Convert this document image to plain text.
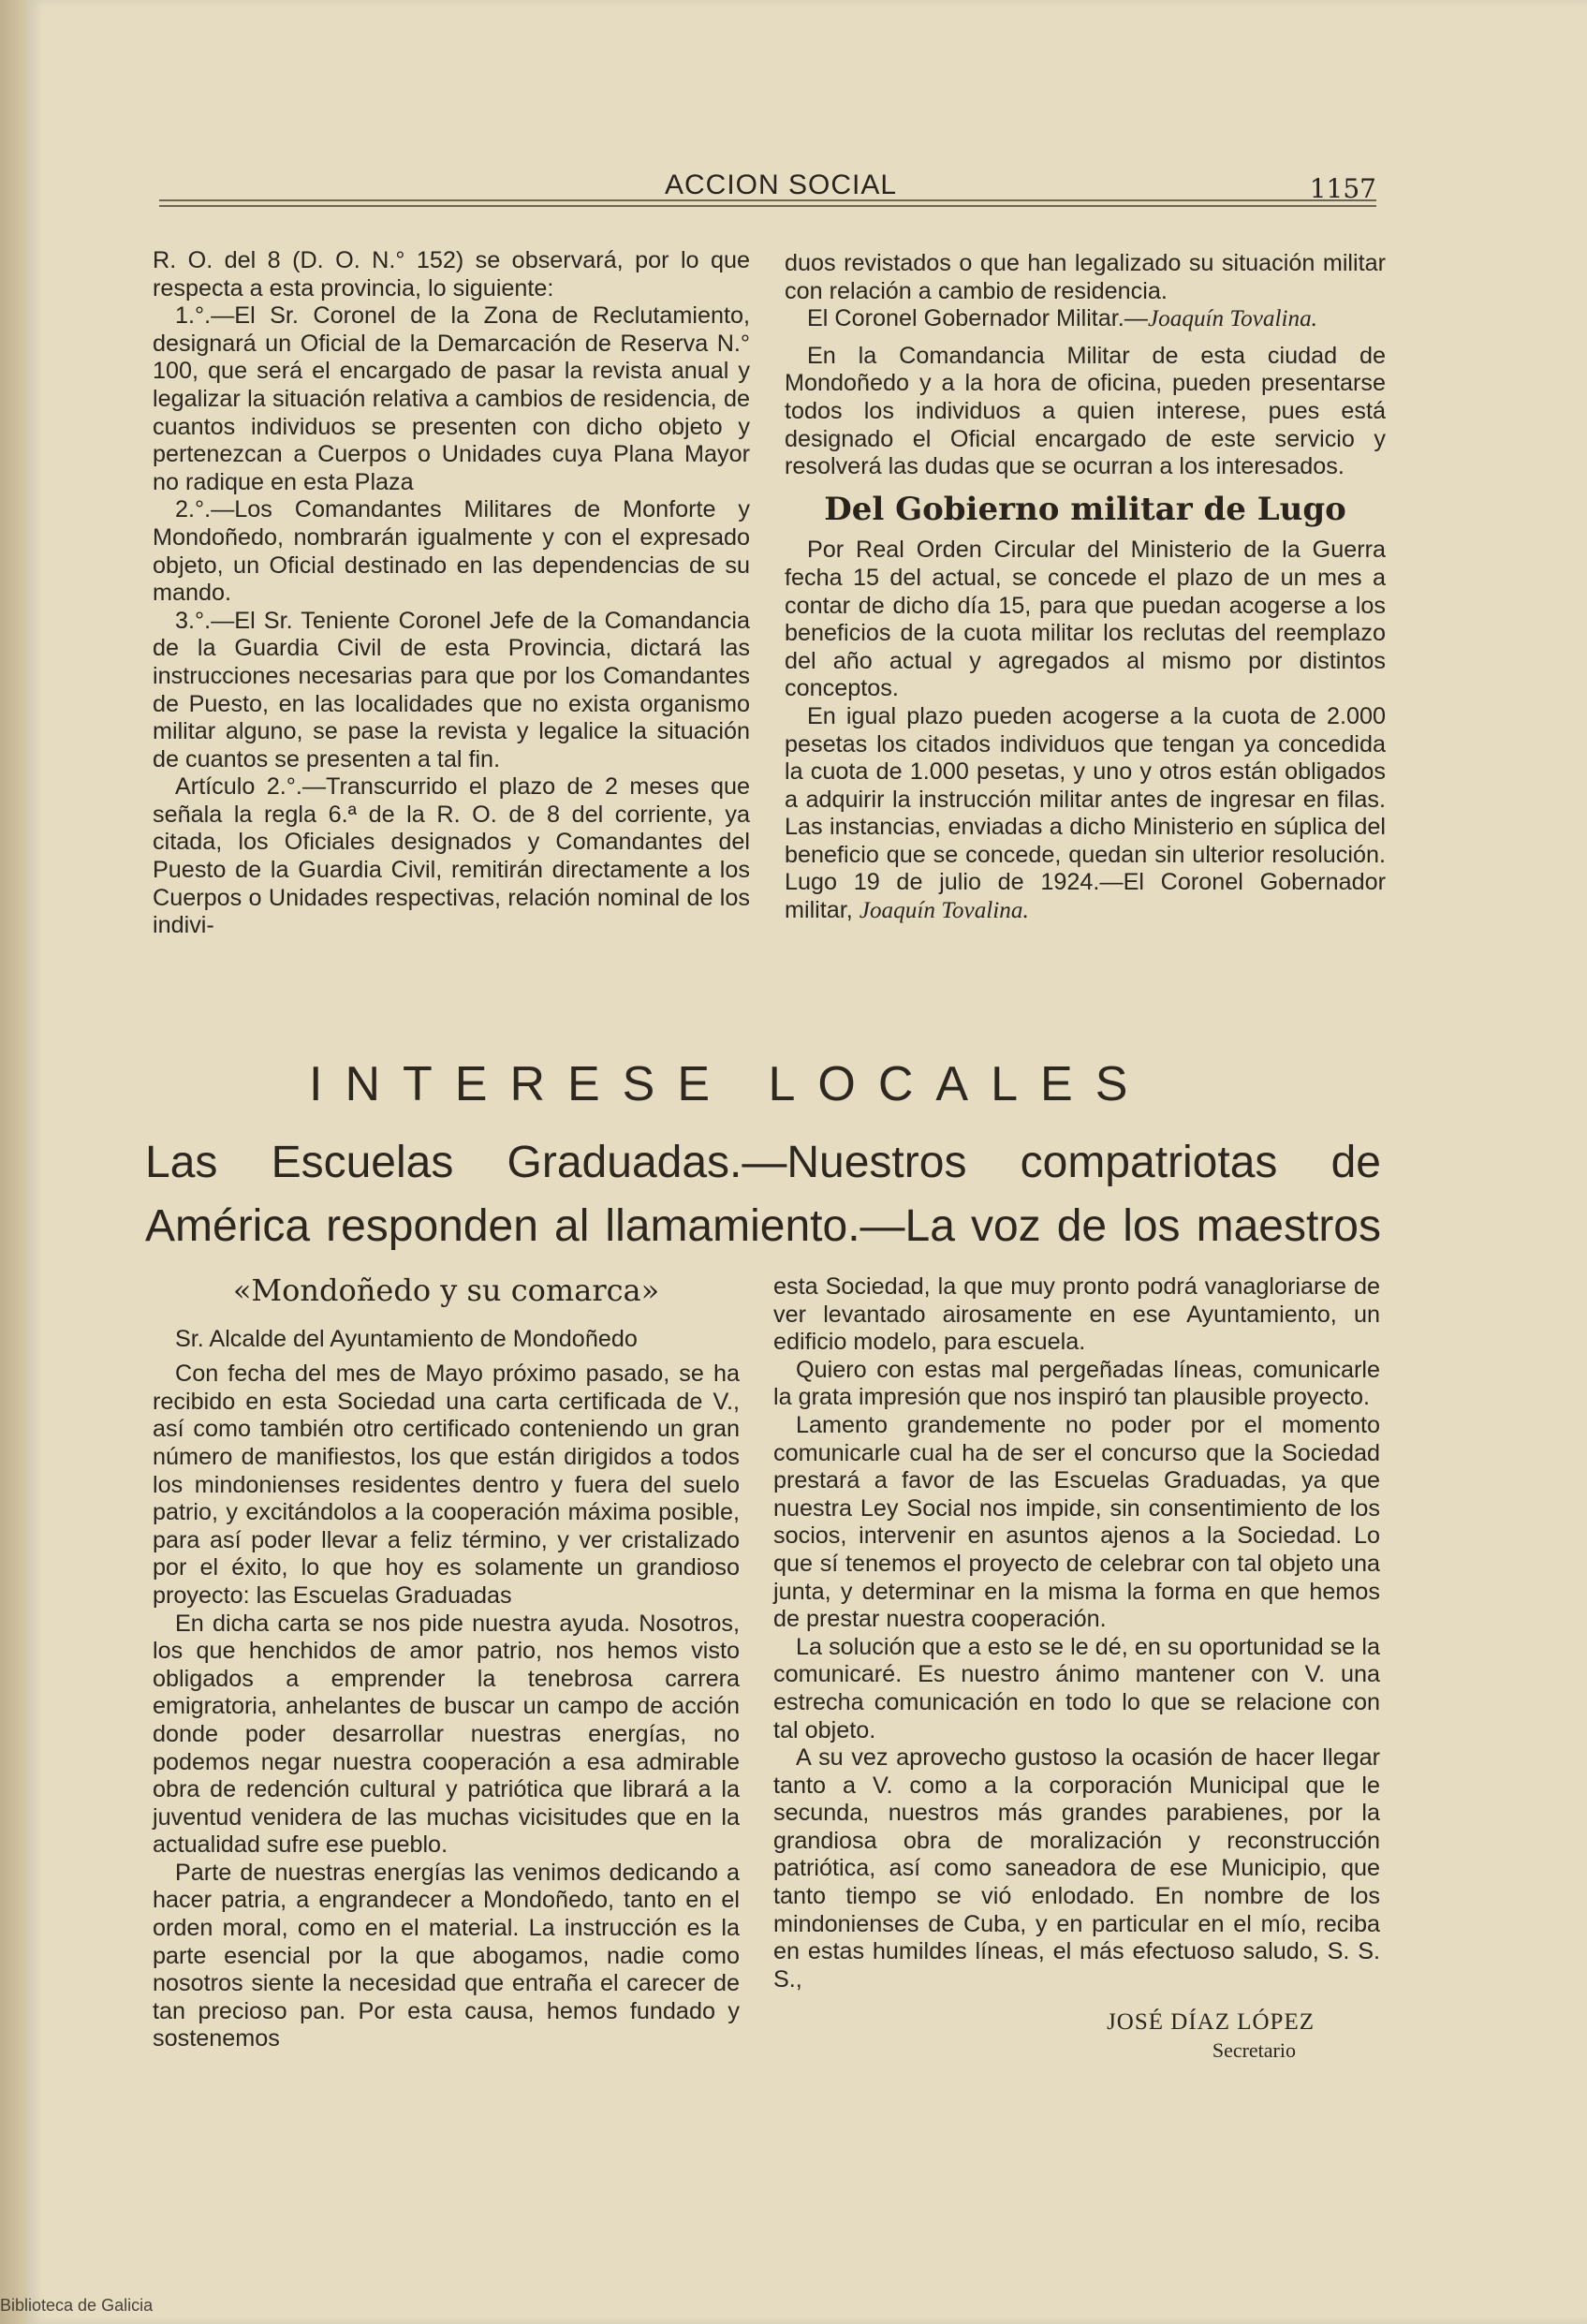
ACCION SOCIAL	1157

R. O. del 8 (D. O. N.° 152) se observará, por lo que respecta a esta provincia, lo siguiente:

1.°.—El Sr. Coronel de la Zona de Reclutamiento, designará un Oficial de la Demarcación de Reserva N.° 100, que será el encargado de pasar la revista anual y legalizar la situación relativa a cambios de residencia, de cuantos individuos se presenten con dicho objeto y pertenezcan a Cuerpos o Unidades cuya Plana Mayor no radique en esta Plaza

2.°.—Los Comandantes Militares de Monforte y Mondoñedo, nombrarán igualmente y con el expresado objeto, un Oficial destinado en las dependencias de su mando.

3.°.—El Sr. Teniente Coronel Jefe de la Comandancia de la Guardia Civil de esta Provincia, dictará las instrucciones necesarias para que por los Comandantes de Puesto, en las localidades que no exista organismo militar alguno, se pase la revista y legalice la situación de cuantos se presenten a tal fin.

Artículo 2.°.—Transcurrido el plazo de 2 meses que señala la regla 6.ª de la R. O. de 8 del corriente, ya citada, los Oficiales designados y Comandantes del Puesto de la Guardia Civil, remitirán directamente a los Cuerpos o Unidades respectivas, relación nominal de los indivi-

duos revistados o que han legalizado su situación militar con relación a cambio de residencia.

El Coronel Gobernador Militar.—Joaquín Tovalina.

En la Comandancia Militar de esta ciudad de Mondoñedo y a la hora de oficina, pueden presentarse todos los individuos a quien interese, pues está designado el Oficial encargado de este servicio y resolverá las dudas que se ocurran a los interesados.

Del Gobierno militar de Lugo

Por Real Orden Circular del Ministerio de la Guerra fecha 15 del actual, se concede el plazo de un mes a contar de dicho día 15, para que puedan acogerse a los beneficios de la cuota militar los reclutas del reemplazo del año actual y agregados al mismo por distintos conceptos.

En igual plazo pueden acogerse a la cuota de 2.000 pesetas los citados individuos que tengan ya concedida la cuota de 1.000 pesetas, y uno y otros están obligados a adquirir la instrucción militar antes de ingresar en filas. Las instancias, enviadas a dicho Ministerio en súplica del beneficio que se concede, quedan sin ulterior resolución. Lugo 19 de julio de 1924.—El Coronel Gobernador militar, Joaquín Tovalina.

INTERESE LOCALES
Las Escuelas Graduadas.—Nuestros compatriotas de
América responden al llamamiento.—La voz de los maestros
«Mondoñedo y su comarca»

Sr. Alcalde del Ayuntamiento de Mondoñedo

Con fecha del mes de Mayo próximo pasado, se ha recibido en esta Sociedad una carta certificada de V., así como también otro certificado conteniendo un gran número de manifiestos, los que están dirigidos a todos los mindonienses residentes dentro y fuera del suelo patrio, y excitándolos a la cooperación máxima posible, para así poder llevar a feliz término, y ver cristalizado por el éxito, lo que hoy es solamente un grandioso proyecto: las Escuelas Graduadas

En dicha carta se nos pide nuestra ayuda. Nosotros, los que henchidos de amor patrio, nos hemos visto obligados a emprender la tenebrosa carrera emigratoria, anhelantes de buscar un campo de acción donde poder desarrollar nuestras energías, no podemos negar nuestra cooperación a esa admirable obra de redención cultural y patriótica que librará a la juventud venidera de las muchas vicisitudes que en la actualidad sufre ese pueblo.

Parte de nuestras energías las venimos dedicando a hacer patria, a engrandecer a Mondoñedo, tanto en el orden moral, como en el material. La instrucción es la parte esencial por la que abogamos, nadie como nosotros siente la necesidad que entraña el carecer de tan precioso pan. Por esta causa, hemos fundado y sostenemos

esta Sociedad, la que muy pronto podrá vanagloriarse de ver levantado airosamente en ese Ayuntamiento, un edificio modelo, para escuela.

Quiero con estas mal pergeñadas líneas, comunicarle la grata impresión que nos inspiró tan plausible proyecto.

Lamento grandemente no poder por el momento comunicarle cual ha de ser el concurso que la Sociedad prestará a favor de las Escuelas Graduadas, ya que nuestra Ley Social nos impide, sin consentimiento de los socios, intervenir en asuntos ajenos a la Sociedad. Lo que sí tenemos el proyecto de celebrar con tal objeto una junta, y determinar en la misma la forma en que hemos de prestar nuestra cooperación.

La solución que a esto se le dé, en su oportunidad se la comunicaré. Es nuestro ánimo mantener con V. una estrecha comunicación en todo lo que se relacione con tal objeto.

A su vez aprovecho gustoso la ocasión de hacer llegar tanto a V. como a la corporación Municipal que le secunda, nuestros más grandes parabienes, por la grandiosa obra de moralización y reconstrucción patriótica, así como saneadora de ese Municipio, que tanto tiempo se vió enlodado. En nombre de los mindonienses de Cuba, y en particular en el mío, reciba en estas humildes líneas, el más efectuoso saludo, S. S. S.,

JOSÉ DÍAZ LÓPEZ
Secretario
Biblioteca de Galicia
